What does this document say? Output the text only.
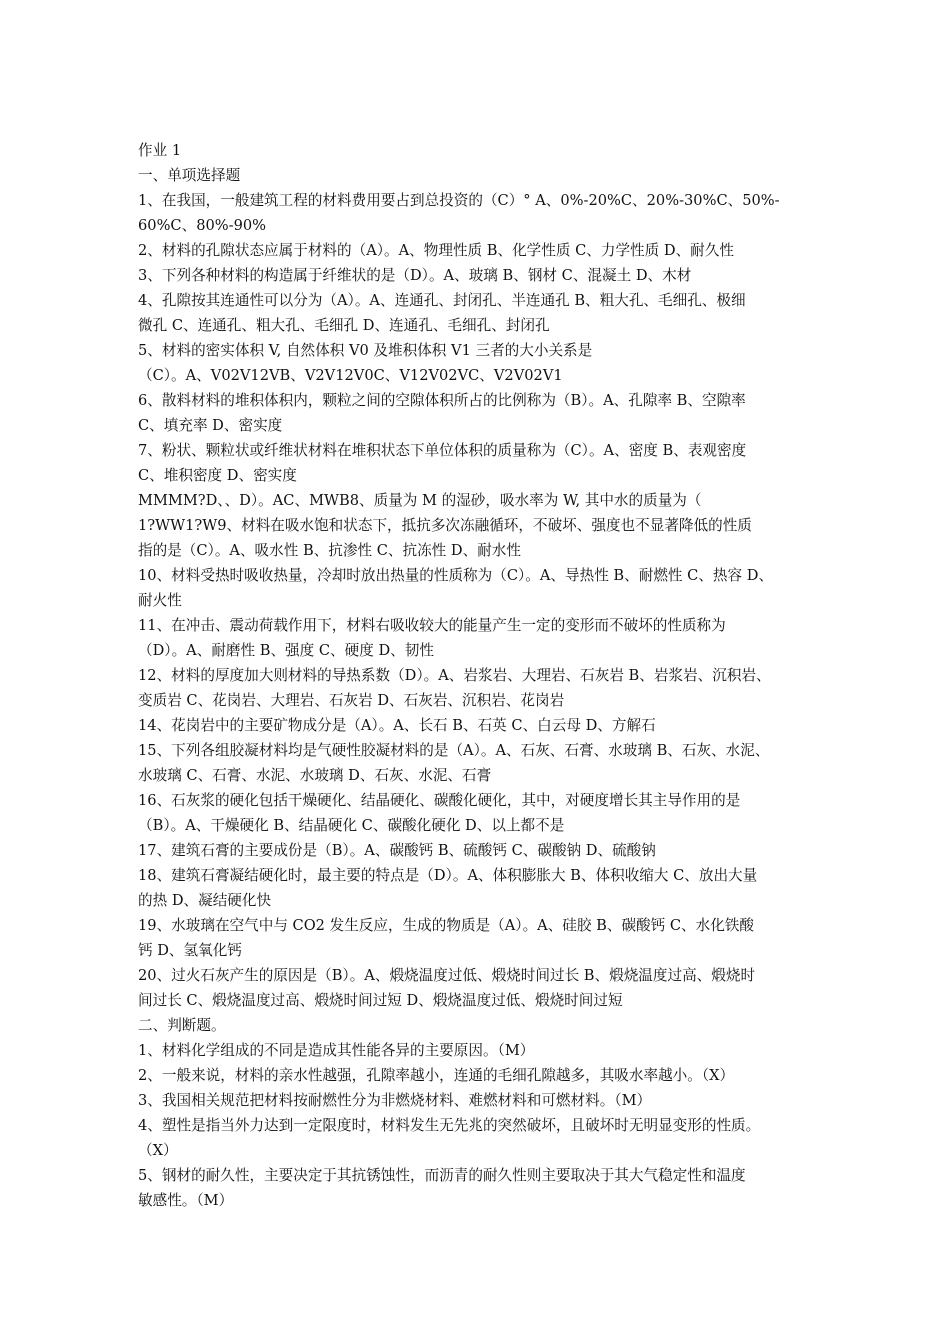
作业 1
一、单项选择题
1、在我国，一般建筑工程的材料费用要占到总投资的（C）° A、0%-20%C、20%-30%C、50%-
60%C、80%-90%
2、材料的孔隙状态应属于材料的（A）。A、物理性质 B、化学性质 C、力学性质 D、耐久性
3、下列各种材料的构造属于纤维状的是（D）。A、玻璃 B、钢材 C、混凝土 D、木材
4、孔隙按其连通性可以分为（A）。A、连通孔、封闭孔、半连通孔 B、粗大孔、毛细孔、极细
微孔 C、连通孔、粗大孔、毛细孔 D、连通孔、毛细孔、封闭孔
5、材料的密实体积 V, 自然体积 V0 及堆积体积 V1 三者的大小关系是
（C）。A、V02V12VB、V2V12V0C、V12V02VC、V2V02V1
6、散料材料的堆积体积内，颗粒之间的空隙体积所占的比例称为（B）。A、孔隙率 B、空隙率
C、填充率 D、密实度
7、粉状、颗粒状或纤维状材料在堆积状态下单位体积的质量称为（C）。A、密度 B、表观密度
C、堆积密度 D、密实度
MMMM?D、、D）。AC、MWB8、质量为 M 的湿砂，吸水率为 W, 其中水的质量为（
1?WW1?W9、材料在吸水饱和状态下，抵抗多次冻融循环，不破坏、强度也不显著降低的性质
指的是（C）。A、吸水性 B、抗渗性 C、抗冻性 D、耐水性
10、材料受热时吸收热量，冷却时放出热量的性质称为（C）。A、导热性 B、耐燃性 C、热容 D、
耐火性
11、在冲击、震动荷载作用下，材料右吸收较大的能量产生一定的变形而不破坏的性质称为
（D）。A、耐磨性 B、强度 C、硬度 D、韧性
12、材料的厚度加大则材料的导热系数（D）。A、岩浆岩、大理岩、石灰岩 B、岩浆岩、沉积岩、
变质岩 C、花岗岩、大理岩、石灰岩 D、石灰岩、沉积岩、花岗岩
14、花岗岩中的主要矿物成分是（A）。A、长石 B、石英 C、白云母 D、方解石
15、下列各组胶凝材料均是气硬性胶凝材料的是（A）。A、石灰、石膏、水玻璃 B、石灰、水泥、
水玻璃 C、石膏、水泥、水玻璃 D、石灰、水泥、石膏
16、石灰浆的硬化包括干燥硬化、结晶硬化、碳酸化硬化，其中，对硬度增长其主导作用的是
（B）。A、干燥硬化 B、结晶硬化 C、碳酸化硬化 D、以上都不是
17、建筑石膏的主要成份是（B）。A、碳酸钙 B、硫酸钙 C、碳酸钠 D、硫酸钠
18、建筑石膏凝结硬化时，最主要的特点是（D）。A、体积膨胀大 B、体积收缩大 C、放出大量
的热 D、凝结硬化快
19、水玻璃在空气中与 CO2 发生反应，生成的物质是（A）。A、硅胶 B、碳酸钙 C、水化铁酸
钙 D、氢氧化钙
20、过火石灰产生的原因是（B）。A、煅烧温度过低、煅烧时间过长 B、煅烧温度过高、煅烧时
间过长 C、煅烧温度过高、煅烧时间过短 D、煅烧温度过低、煅烧时间过短
二、判断题。
1、材料化学组成的不同是造成其性能各异的主要原因。（M）
2、一般来说，材料的亲水性越强，孔隙率越小，连通的毛细孔隙越多，其吸水率越小。（X）
3、我国相关规范把材料按耐燃性分为非燃烧材料、难燃材料和可燃材料。（M）
4、塑性是指当外力达到一定限度时，材料发生无先兆的突然破坏，且破坏时无明显变形的性质。
（X）
5、钢材的耐久性，主要决定于其抗锈蚀性，而沥青的耐久性则主要取决于其大气稳定性和温度
敏感性。（M）
